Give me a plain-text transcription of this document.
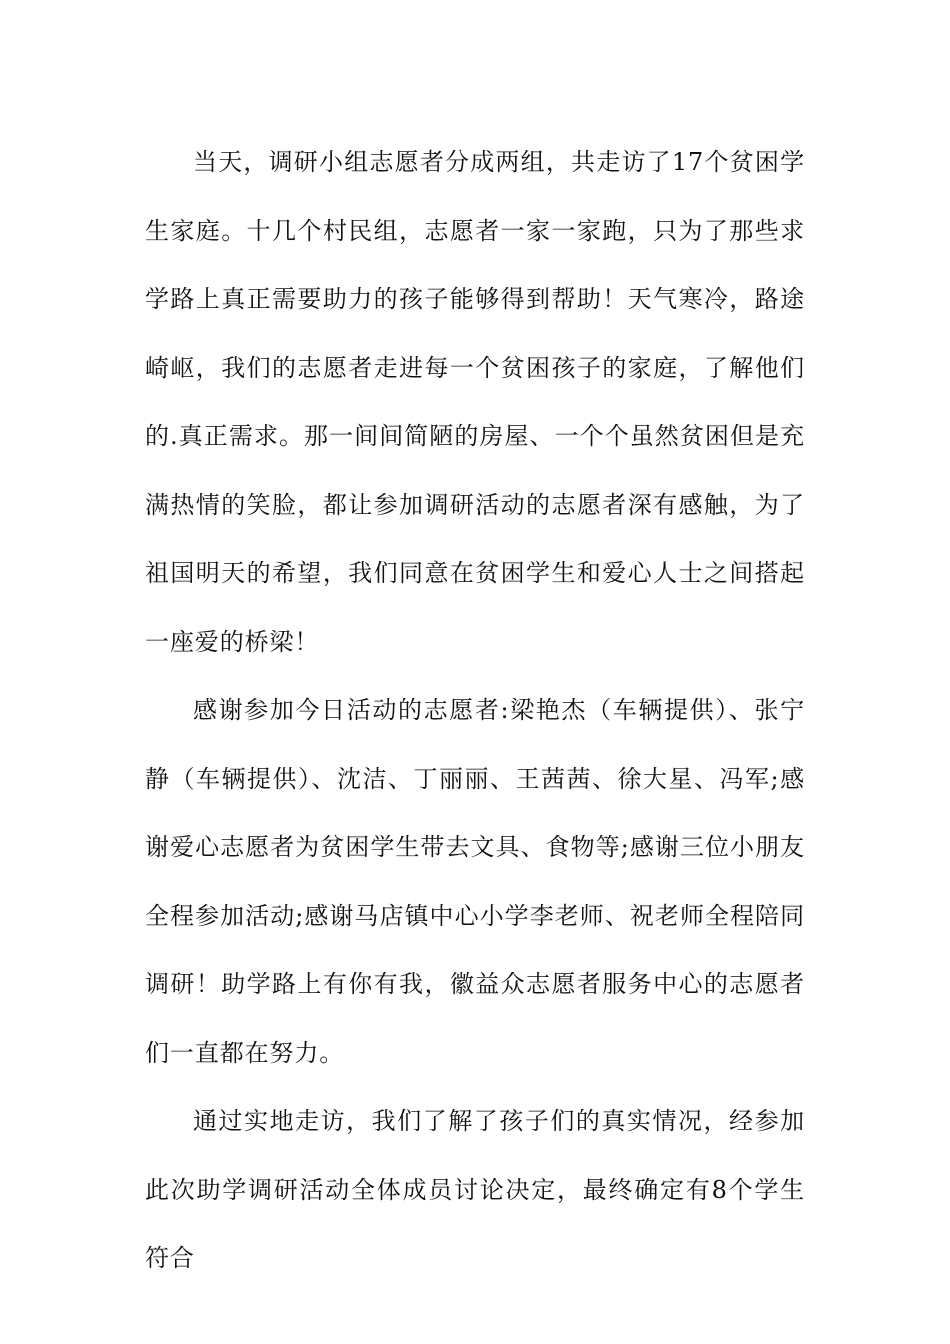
当天，调研小组志愿者分成两组，共走访了17个贫困学生家庭。十几个村民组，志愿者一家一家跑，只为了那些求学路上真正需要助力的孩子能够得到帮助！天气寒冷，路途崎岖，我们的志愿者走进每一个贫困孩子的家庭，了解他们的.真正需求。那一间间简陋的房屋、一个个虽然贫困但是充满热情的笑脸，都让参加调研活动的志愿者深有感触，为了祖国明天的希望，我们同意在贫困学生和爱心人士之间搭起一座爱的桥梁！

感谢参加今日活动的志愿者:梁艳杰（车辆提供）、张宁静（车辆提供）、沈洁、丁丽丽、王茜茜、徐大星、冯军;感谢爱心志愿者为贫困学生带去文具、食物等;感谢三位小朋友全程参加活动;感谢马店镇中心小学李老师、祝老师全程陪同调研！助学路上有你有我，徽益众志愿者服务中心的志愿者们一直都在努力。

通过实地走访，我们了解了孩子们的真实情况，经参加此次助学调研活动全体成员讨论决定，最终确定有8个学生符合
